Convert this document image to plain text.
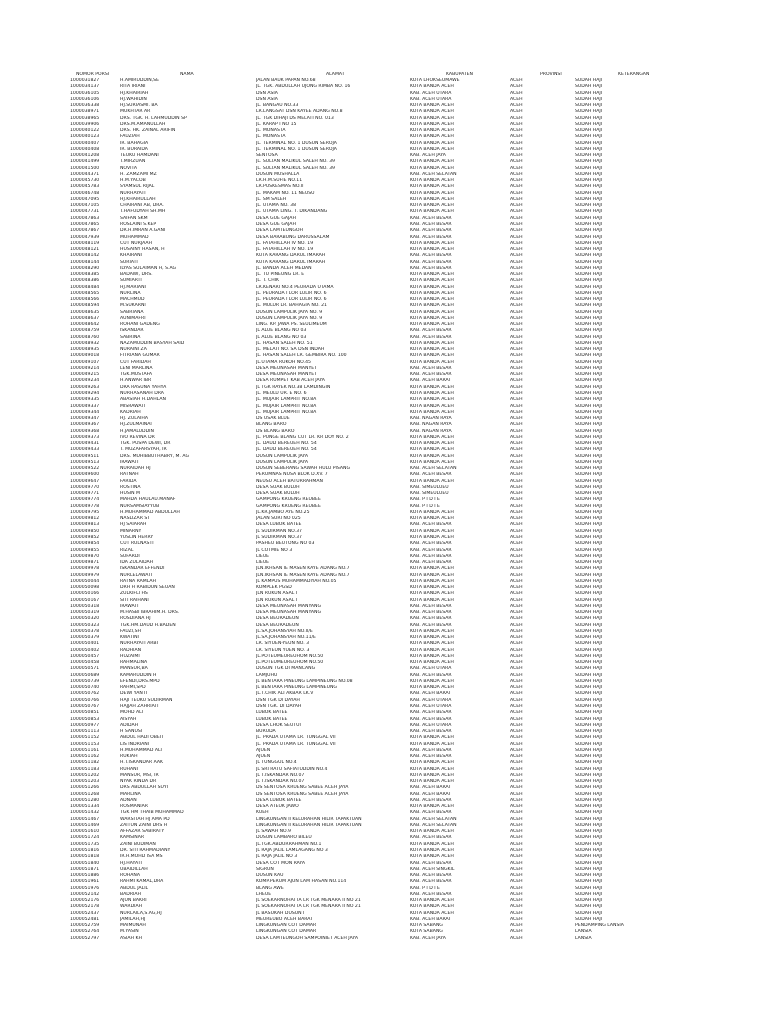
NOMOR PORSI	NAMA	ALAMAT	KABUPATEN	PROVINSI	KETERANGAN
1000031827	H.AMIRUDDIN,SE	JALAN BAUK PAPAN NO.68	KOTA LHOKSEUMAWE	ACEH	SUDAH HAJI
1000034137	RITA IRIANI	JL. TGK. ABDULLAH UJONG RIMBA NO. 16	KOTA BANDA ACEH	ACEH	SUDAH HAJI
1000036105	HJ.KHAIRIAH	DSN ASIA	KAB. ACEH UTARA	ACEH	SUDAH HAJI
1000036106	HJ.WAHIDIN	DSN ASIA	KAB. ACEH UTARA	ACEH	SUDAH HAJI
1000036338	HJ.SURIASMI. BA	JL. BANGAU NO.33	KOTA BANDA ACEH	ACEH	SUDAH HAJI
1000038971	MUKHTAR AR	LR.LANGSAT DSN KAYEE ADANG NO.8	KOTA BANDA ACEH	ACEH	SUDAH HAJI
1000038965	DRS. TGK. H. LAHMUDDIN SP	JL. TGK DIHAJI DS MELATI NO. 013	KOTA BANDA ACEH	ACEH	SUDAH HAJI
1000039906	DRS.M.AMANULLAH	JL. KARAP I NO 15	KOTA BANDA ACEH	ACEH	SUDAH HAJI
1000040122	DRS. HK. ZAINAL ARIFIN	JL. MONASTA	KOTA BANDA ACEH	ACEH	SUDAH HAJI
1000040123	FAUZIAH	JL. MONASTA	KOTA BANDA ACEH	ACEH	SUDAH HAJI
1000040407	IR. BAHAGIA	JL. TERMINAL NO. 1 DUSUN SEROJA	KOTA BANDA ACEH	ACEH	SUDAH HAJI
1000040408	IR. BURAIDA	JL. TERMINAL NO. 1 DUSUN SEROJA	KOTA BANDA ACEH	ACEH	SUDAH HAJI
1000041208	TEUKU HAMDANI	SENTOSA	KAB. ACEH JAYA	ACEH	SUDAH HAJI
1000041499	T.MIRZUAN	JL. SULTAN MALIKUL SALEH NO. 39	KOTA BANDA ACEH	ACEH	SUDAH HAJI
1000041500	NOVITA	JL. SULTAN MALIKUL SALEH NO. 39	KOTA BANDA ACEH	ACEH	SUDAH HAJI
1000044371	H. ZAMZAMI MZ	DUSUN MUSHALLA	KAB. ACEH SELATAN	ACEH	SUDAH HAJI
1000045730	H.M.YACOB	LR.H.M.SUFIE NO.11	KOTA BANDA ACEH	ACEH	SUDAH HAJI
1000045783	SYAMSUL RIJAL	LR.PUSKESMAS NO.II	KOTA BANDA ACEH	ACEH	SUDAH HAJI
1000046748	NURHAYATI	JL. MAKAM NO. 11 NEUSU	KOTA BANDA ACEH	ACEH	SUDAH HAJI
1000047095	HJ.KHAIRULLAH	JL. SM SALEH	KOTA BANDA ACEH	ACEH	SUDAH HAJI
1000047105	CHAIRANI AB, DRA.	JL. UTAMA NO. 38	KOTA BANDA ACEH	ACEH	SUDAH HAJI
1000047731	T.HAFUDYAH SH.MH	JL. UTAMA LING. T. DIKANDANG	KOTA BANDA ACEH	ACEH	SUDAH HAJI
1000047863	SAIFAN SKM	DESA GUE GAJAH	KAB. ACEH BESAR	ACEH	SUDAH HAJI
1000047865	ROSLAINI S.KEP	DESA GUE GAJAH	KAB. ACEH BESAR	ACEH	SUDAH HAJI
1000047867	DR.H.IMRAN A.GANI	DESA LAMTEUNGOH	KAB. ACEH BESAR	ACEH	SUDAH HAJI
1000047939	MUHAMMAD	DESA BARABUNG DARUSSALAM	KAB. ACEH BESAR	ACEH	SUDAH HAJI
1000048119	CUT NURJAAH	JL. FATAHILLAH IV NO. 19	KOTA BANDA ACEH	ACEH	SUDAH HAJI
1000048121	HUSAINY HASAN, H	JL. FATAHILLAH IV NO. 19	KOTA BANDA ACEH	ACEH	SUDAH HAJI
1000048142	KHAIRANI	KUTA KARANG DARUL IMARAH	KAB. ACEH BESAR	ACEH	SUDAH HAJI
1000048144	SURIATI	KUTA KARANG DARUL IMARAH	KAB. ACEH BESAR	ACEH	SUDAH HAJI
1000048290	ILYAS SULAIMAN H, S.AG	JL. BANDA ACEH MEDAN	KAB. ACEH BESAR	ACEH	SUDAH HAJI
1000048385	BADAWI, DRS.	JL. TU PINEUNG LR. E	KOTA BANDA ACEH	ACEH	SUDAH HAJI
1000048386	SUMIARTI	JL. T. CHIK	KOTA BANDA ACEH	ACEH	SUDAH HAJI
1000048484	HJ.MARIANI	LR.KENARI NO.4 PEURADA UTAMA	KOTA BANDA ACEH	ACEH	SUDAH HAJI
1000048565	NURLINA	JL. PEURADA I LOR LULIR NO. 6	KOTA BANDA ACEH	ACEH	SUDAH HAJI
1000048566	MACHMUD	JL. PEURADA I LOR LULIR NO. 6	KOTA BANDA ACEH	ACEH	SUDAH HAJI
1000048594	M.SUKARNI	JL. MULUR LR. BAHAGIA NO. 21	KOTA BANDA ACEH	ACEH	SUDAH HAJI
1000048635	SABRIANA	DUSUN LAMPULIK JAYA NO. 9	KOTA BANDA ACEH	ACEH	SUDAH HAJI
1000048637	AUNIMAFRI	DUSUN LAMPULIK JAYA NO. 9	KOTA BANDA ACEH	ACEH	SUDAH HAJI
1000048642	ROHANI GADENG	LING. KP. JAWA PS. SEULIMEUM	KOTA BANDA ACEH	ACEH	SUDAH HAJI
1000048759	ISKANDAR	JL ALUE BLANG NO 03	KAB. ACEH BESAR	ACEH	SUDAH HAJI
1000048760	SABRINA	JL ALUE BLANG NO 03	KAB. ACEH BESAR	ACEH	SUDAH HAJI
1000048932	NAZAMUDDIN BASYAH SAID	JL. HASAN SALEH NO. 51	KOTA BANDA ACEH	ACEH	SUDAH HAJI
1000048935	NURAINI ZA	JL. MELATI NO. SA DSN INDAH	KOTA BANDA ACEH	ACEH	SUDAH HAJI
1000049018	FITRIANA GUMAR	JL. HASAN SALEH LR. GEMBIRA NO. 100	KOTA BANDA ACEH	ACEH	SUDAH HAJI
1000049107	CUT FARIDAH	JL.UTAMA RUKOH NO.45	KOTA BANDA ACEH	ACEH	SUDAH HAJI
1000049214	LENI MARLINA	DESA MEUNASAH MANYET	KAB. ACEH BESAR	ACEH	SUDAH HAJI
1000049215	TGK.MUSTAFA	DESA MEUNASAH MANYET	KAB. ACEH BESAR	ACEH	SUDAH HAJI
1000049234	H.ANWAR IBR	DESA RUMPET KAB ACEH JAYA	KAB. ACEH BARAT	ACEH	SUDAH HAJI
1000049263	DRA RASUNA YAHYA	JL TGK RAYEK NO.38 LAMDINGIN	KOTA BANDA ACEH	ACEH	SUDAH HAJI
1000049294	NURHASANAH DRA	JL. MEULU UR. E NO. 6	KOTA BANDA ACEH	ACEH	SUDAH HAJI
1000049335	ABASIAH H.DAHLAN	JL. MUJAIR LAMPRIT NO.8A	KOTA BANDA ACEH	ACEH	SUDAH HAJI
1000049337	MISRAWATI	JL. MUJAIR LAMPRIT NO.8A	KOTA BANDA ACEH	ACEH	SUDAH HAJI
1000049344	KADRIAH	JL. MUJAIR LAMPRIT NO.8A	KOTA BANDA ACEH	ACEH	SUDAH HAJI
1000049347	HJ. ZULAIHA	DS USAK BLUE	KAB. NAGAN RAYA	ACEH	SUDAH HAJI
1000049367	HJ.ZULMAINAI	BLANG BARO	KAB. NAGAN RAYA	ACEH	SUDAH HAJI
1000049368	H.JAMALUDDIN	DS BLANG BARO	KAB. NAGAN RAYA	ACEH	SUDAH HAJI
1000049373	IVO REVINA DR	JL. PUNGE BLANG CUT LR. KR DOY NO. 2	KOTA BANDA ACEH	ACEH	SUDAH HAJI
1000049431	TGK. PUSPA DEWI, DR	JL. DAUD BEREUEH NO. 54	KOTA BANDA ACEH	ACEH	SUDAH HAJI
1000049433	T. MUZAFARSYAH, IR	JL. DAUD BEREUEH NO. 54	KOTA BANDA ACEH	ACEH	SUDAH HAJI
1000049511	DRS. MUHIBBUTHABRY, M. AG	DUSUN LAMPULIK JAYA	KOTA BANDA ACEH	ACEH	SUDAH HAJI
1000049513	IRAWATI	DUSUN LAMPULIK JAYA	KOTA BANDA ACEH	ACEH	SUDAH HAJI
1000049522	NURAIDAH HJ	DUSUN SEBERANG SAWAH HULU PISANG	KAB. ACEH SELATAN	ACEH	SUDAH HAJI
1000049600	RATNAH	PERUMNAS NUSA BLOK D.XV. 7	KAB. ACEH BESAR	ACEH	SUDAH HAJI
1000049647	FARIDA	NEUSU ACEH BATURRAHMAN	KOTA BANDA ACEH	ACEH	SUDAH HAJI
1000049770	ROSTINA	DESA SUAK BULUH	KAB. SIMEULUEU	ACEH	SUDAH HAJI
1000049771	HUSIN M	DESA SUAK BULUH	KAB. SIMEULUEU	ACEH	SUDAH HAJI
1000049774	MAHDA HAULAU.MANAF	GAMPONG KRUENG REUBEE	KAB. P I D I E	ACEH	SUDAH HAJI
1000049778	NURSAMSIAYYUB	GAMPONG KRUENG REUBEE	KAB. P I D I E	ACEH	SUDAH HAJI
1000049795	H.MUHAMMAD ABDULLAH	JL.KR.JAMBO AYE NO.25	KOTA BANDA ACEH	ACEH	SUDAH HAJI
1000049812	NASLIZAR ST	JALAN SURI NO 025	KOTA BANDA ACEH	ACEH	SUDAH HAJI
1000049813	HJ SAIARAH	DESA LUBOK BATEE	KAB. ACEH BESAR	ACEH	SUDAH HAJI
1000049850	MINARNY	JL SUDIRMAN NO.37	KOTA BANDA ACEH	ACEH	SUDAH HAJI
1000049852	YUSLIN HERRY	JL SUDIRMAN NO.37	KOTA BANDA ACEH	ACEH	SUDAH HAJI
1000049854	CUT RULNASTI	PASHEU BEUTONG NO 03	KAB. ACEH BESAR	ACEH	SUDAH HAJI
1000049855	RIZAL	JL COTMIE NO 3	KAB. ACEH BESAR	ACEH	SUDAH HAJI
1000049870	SUFARDI	LIEUE	KAB. ACEH BESAR	ACEH	SUDAH HAJI
1000049871	IDA ZULAIDAH	LIEUE	KAB. ACEH BESAR	ACEH	SUDAH HAJI
1000049978	ISKANDAR EFFENDI	JLN.IKHSAN IE MASEN KAYE ADANG NO.7	KOTA BANDA ACEH	ACEH	SUDAH HAJI
1000049979	NURLELAWATI	JLN.IKHSAN IE MASEN KAYE ADANG NO.7	KOTA BANDA ACEH	ACEH	SUDAH HAJI
1000050044	RATNA RAMLAH	JL KAMPUS MUHAMMADIYAH NO.05	KOTA BANDA ACEH	ACEH	SUDAH HAJI
1000050098	DRH H RABIDUN SEUAN	KOMPLEK PGSD	KOTA BANDA ACEH	ACEH	SUDAH HAJI
1000050166	ZULKIFLI HS	JLN RUKUN ASAL I	KOTA BANDA ACEH	ACEH	SUDAH HAJI
1000050167	SITI RAIHANI	JLN RUKUN ASAL I	KOTA BANDA ACEH	ACEH	SUDAH HAJI
1000050318	IRAWATI	DESA MEUNASAH MANYANG	KAB. ACEH BESAR	ACEH	SUDAH HAJI
1000050319	M.HASBI IBRAHIM.H. DRS.	DESA MEUNASAH MANYANG	KAB. ACEH BESAR	ACEH	SUDAH HAJI
1000050320	ROSDIANA HJ	DESA BEURADEUN	KAB. ACEH BESAR	ACEH	SUDAH HAJI
1000050323	TGK.HM.DAUD H.BADEN	DESA BEURADEUN	KAB. ACEH BESAR	ACEH	SUDAH HAJI
1000050378	FAUZI,SH	JL.SA.JOHANSYAH NO.II/E	KOTA BANDA ACEH	ACEH	SUDAH HAJI
1000050379	KWATINI	JL.SA.JOHANSYAH NO.11/E	KOTA BANDA ACEH	ACEH	SUDAH HAJI
1000050401	NURHAYATI ARBI	LR. SIYUEN-YEUN NO. 3	KOTA BANDA ACEH	ACEH	SUDAH HAJI
1000050402	RADHIAN	LR. SIYEUN YUEN NO. 3	KOTA BANDA ACEH	ACEH	SUDAH HAJI
1000050457	HUZAIMI	JL.POTEUMEUREUHOM NO.50	KOTA BANDA ACEH	ACEH	SUDAH HAJI
1000050458	RAHMALINA	JL.POTEUMEUREUHOM NO.50	KOTA BANDA ACEH	ACEH	SUDAH HAJI
1000050571	MANSUR,BA	DUSUN TGK DI MANCANG	KAB. ACEH UTARA	ACEH	SUDAH HAJI
1000050689	KAMARUDDIN H	LAMJUHU	KAB. ACEH BESAR	ACEH	SUDAH HAJI
1000050739	EFENDI,DRS.MPD	JL BENTARA PINEUNG LAMPINEUNG NO.08	KOTA BANDA ACEH	ACEH	SUDAH HAJI
1000050740	RAHMI,SPD	JL BENTARA PINEUNG LAMPINEUNG	KOTA BANDA ACEH	ACEH	SUDAH HAJI
1000050762	DEWI YANTI	JL.T.CHIK ALI AKBAR LK.V	KAB. ACEH BARAT	ACEH	SUDAH HAJI
1000050766	HAJI TEUKU SUDIRMAN	DSN TGK DI DAYAH	KAB. ACEH UTARA	ACEH	SUDAH HAJI
1000050767	HAJJAH ZAHRIATI	DSN TGK. DI DAYAH	KAB. ACEH UTARA	ACEH	SUDAH HAJI
1000050851	MOHD ALI	LUBOK BATEE	KAB. ACEH BESAR	ACEH	SUDAH HAJI
1000050853	AISYAH	LUBOK BATEE	KAB. ACEH BESAR	ACEH	SUDAH HAJI
1000050977	ADIDAH	DESA LHOK SEUTUI	KAB. ACEH UTARA	ACEH	SUDAH HAJI
1000051113	H SANUSI	BURUDA	KAB. ACEH BESAR	ACEH	SUDAH HAJI
1000051152	ABDUL HADI OBEIT	JL. PRADA UTAMA LR. TUNGGAL VII	KOTA BANDA ACEH	ACEH	SUDAH HAJI
1000051153	LIS INDRIANI	JL. PRADA UTAMA LR. TUNGGAL VII	KOTA BANDA ACEH	ACEH	SUDAH HAJI
1000051161	H.MUHAMMAD ALI	AJUEN	KAB. ACEH BESAR	ACEH	SUDAH HAJI
1000051162	RUKIAH	AJUEN	KAB. ACEH BESAR	ACEH	SUDAH HAJI
1000051182	H.T.ISKANDAR AAK	JL TUNGGUL NO.4	KOTA BANDA ACEH	ACEH	SUDAH HAJI
1000051183	RUHANI	JL SRI RATU SAFIATUDDIN NO.4	KOTA BANDA ACEH	ACEH	SUDAH HAJI
1000051202	MANSUR, MSI, IR	JL T.ISKANDAR NO.07	KOTA BANDA ACEH	ACEH	SUDAH HAJI
1000051203	NYAK RINDA DR	JL T.ISKANDAR NO.07	KOTA BANDA ACEH	ACEH	SUDAH HAJI
1000051266	DRS ABDULLAH SUYI	DS SENTOSA KRUENG SABEE ACEH JAYA	KAB. ACEH BARAT	ACEH	SUDAH HAJI
1000051268	MARLINA	DS SENTOSA KRUENG SABEE ACEH JAYA	KAB. ACEH BARAT	ACEH	SUDAH HAJI
1000051280	ADNAN	DESA LUBOK BATEE	KAB. ACEH BESAR	ACEH	SUDAH HAJI
1000051334	ROSMANIAR	DESA ATEUK JAWO	KOTA BANDA ACEH	ACEH	SUDAH HAJI
1000051432	TGK HM THAIB MUHAMMAD	KUEH	KAB. ACEH BESAR	ACEH	SUDAH HAJI
1000051467	WARSITAH HJ AMA PD	LINGKUNGAN II KELURAHAN HILIR TAPAKTUAN	KAB. ACEH SELATAN	ACEH	SUDAH HAJI
1000051469	ZAITUN ZAINI DRS H	LINGKUNGAN II KELURAHAN HILIR TAPAKTUAN	KAB. ACEH SELATAN	ACEH	SUDAH HAJI
1000051610	AFFAZAR SABIRATY	JL SAWAH NO.9	KOTA BANDA ACEH	ACEH	SUDAH HAJI
1000051724	KAMSINAR	DUSUN LAMBARO BILEU	KAB. ACEH BESAR	ACEH	SUDAH HAJI
1000051735	ZAINI BUDIMAN	JL.TGK.ABDURRAHMAN NO.1	KOTA BANDA ACEH	ACEH	SUDAH HAJI
1000051816	DR. SITI RAHMADIANY	JL RAJA JALIL LAMLAGANG NO 3	KOTA BANDA ACEH	ACEH	SUDAH HAJI
1000051818	IR.H.MOHD ISA MS	JL RAJA JALIL NO 3	KOTA BANDA ACEH	ACEH	SUDAH HAJI
1000051840	HJ.HAYATI	DESA COT MON RAYA	KAB. ACEH BESAR	ACEH	SUDAH HAJI
1000051871	UBAIDILLAH	SIGRUN	KAB. ACEH SINGKIL	ACEH	SUDAH HAJI
1000051886	ROHANA	DUSUN KAU	KAB. ACEH BESAR	ACEH	SUDAH HAJI
1000051961	RAHMI KAMAL,DRA	KOMP.PERUM AJUN LAM HASAN NO.114	KAB. ACEH BESAR	ACEH	SUDAH HAJI
1000051976	ABDUL JALIL	BLANG AWE	KAB. P I D I E	ACEH	SUDAH HAJI
1000052142	BADRIAH	LHEUE	KAB. ACEH BESAR	ACEH	SUDAH HAJI
1000052176	AJUN BAKRI	JL SOEKARNOHATTA LR TGK MENARA II NO 21	KOTA BANDA ACEH	ACEH	SUDAH HAJI
1000052178	WARDIAH	JL SOEKARNOHATTA LR TGK MENARA II NO 21	KOTA BANDA ACEH	ACEH	SUDAH HAJI
1000052437	NURLAILA,S.AG,HJ	JL BASUKAH DUSUN I	KOTA BANDA ACEH	ACEH	SUDAH HAJI
1000052481	JAMILAH,HJ	MEUREUBO ACEH BARAT	KAB. ACEH BARAT	ACEH	SUDAH HAJI
1000052759	MAIMUNAH	LINGKUNGAN COT DAMAR	KOTA SABANG	ACEH	PENDAMPING LANSIA
1000052764	M.YASIN	LINGKUNGAN COT DAMAR	KOTA SABANG	ACEH	LANSIA
1000052797	ASIAH KH	DESA LAMTEUNGOH SAMPOINIET ACEH JAYA	KAB. ACEH JAYA	ACEH	LANSIA
